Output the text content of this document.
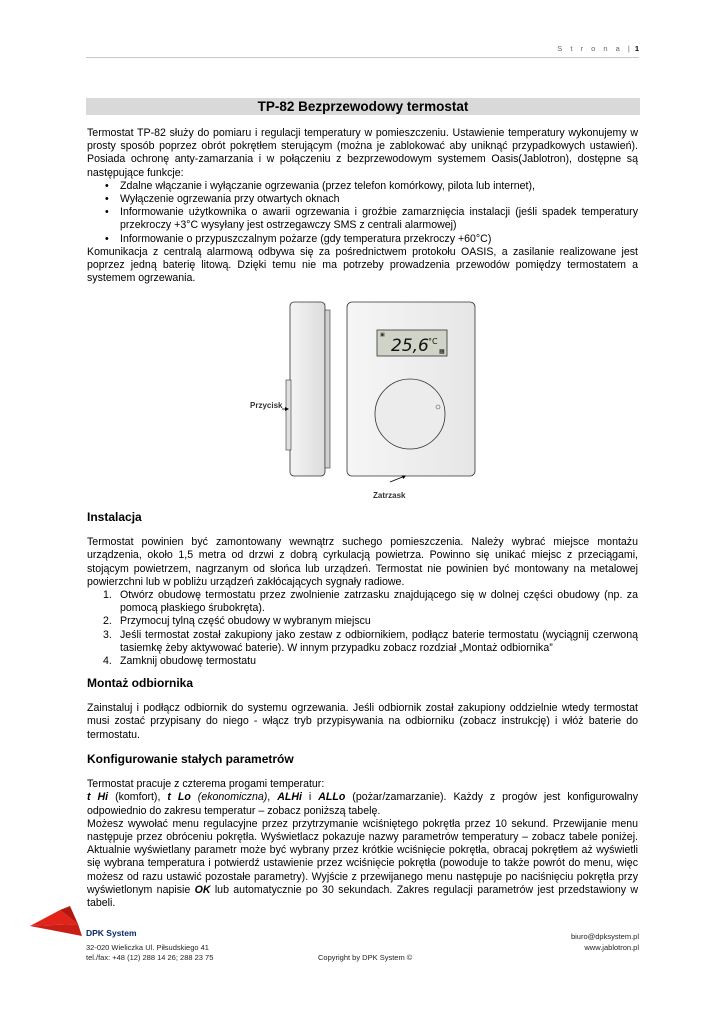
S t r o n a | 1
TP-82 Bezprzewodowy termostat
Termostat TP-82 służy do pomiaru i regulacji temperatury w pomieszczeniu. Ustawienie temperatury wykonujemy w prosty sposób poprzez obrót pokrętłem sterującym (można je zablokować aby uniknąć przypadkowych ustawień). Posiada ochronę anty-zamarzania i w połączeniu z bezprzewodowym systemem Oasis(Jablotron), dostępne są następujące funkcje:
• Zdalne włączanie i wyłączanie ogrzewania (przez telefon komórkowy, pilota lub internet),
• Wyłączenie ogrzewania przy otwartych oknach
• Informowanie użytkownika o awarii ogrzewania i groźbie zamarznięcia instalacji (jeśli spadek temperatury przekroczy +3°C wysyłany jest ostrzegawczy SMS z centrali alarmowej)
• Informowanie o przypuszczalnym pożarze (gdy temperatura przekroczy +60°C)
Komunikacja z centralą alarmową odbywa się za pośrednictwem protokołu OASIS, a zasilanie realizowane jest poprzez jedną baterię litową. Dzięki temu nie ma potrzeby prowadzenia przewodów pomiędzy termostatem a systemem ogrzewania.
▣
25,6 °C
▦
Przycisk
Zatrzask
Instalacja
Termostat powinien być zamontowany wewnątrz suchego pomieszczenia. Należy wybrać miejsce montażu urządzenia, około 1,5 metra od drzwi z dobrą cyrkulacją powietrza. Powinno się unikać miejsc z przeciągami, stojącym powietrzem, nagrzanym od słońca lub urządzeń. Termostat nie powinien być montowany na metalowej powierzchni lub w pobliżu urządzeń zakłócających sygnały radiowe.
1. Otwórz obudowę termostatu przez zwolnienie zatrzasku znajdującego się w dolnej części obudowy (np. za pomocą płaskiego śrubokręta).
2. Przymocuj tylną część obudowy w wybranym miejscu
3. Jeśli termostat został zakupiony jako zestaw z odbiornikiem, podłącz baterie termostatu (wyciągnij czerwoną tasiemkę żeby aktywować baterie). W innym przypadku zobacz rozdział „Montaż odbiornika”
4. Zamknij obudowę termostatu
Montaż odbiornika
Zainstaluj i podłącz odbiornik do systemu ogrzewania. Jeśli odbiornik został zakupiony oddzielnie wtedy termostat musi zostać przypisany do niego - włącz tryb przypisywania na odbiorniku (zobacz instrukcję) i włóż baterie do termostatu.
Konfigurowanie stałych parametrów
Termostat pracuje z czterema progami temperatur:
t Hi (komfort), t Lo (ekonomiczna), ALHi i ALLo (pożar/zamarzanie). Każdy z progów jest konfigurowalny odpowiednio do zakresu temperatur – zobacz poniższą tabelę.
Możesz wywołać menu regulacyjne przez przytrzymanie wciśniętego pokrętła przez 10 sekund. Przewijanie menu następuje przez obróceniu pokrętła. Wyświetlacz pokazuje nazwy parametrów temperatury – zobacz tabele poniżej. Aktualnie wyświetlany parametr może być wybrany przez krótkie wciśnięcie pokrętła, obracaj pokrętłem aż wyświetli się wybrana temperatura i potwierdź ustawienie przez wciśnięcie pokrętła (powoduje to także powrót do menu, więc możesz od razu ustawić pozostałe parametry). Wyjście z przewijanego menu następuje po naciśnięciu pokrętła przy wyświetlonym napisie OK lub automatycznie po 30 sekundach. Zakres regulacji parametrów jest przedstawiony w tabeli.
DPK System
32-020 Wieliczka Ul. Piłsudskiego 41
tel./fax: +48 (12) 288 14 26; 288 23 75	Copyright by DPK System ©
biuro@dpksystem.pl
www.jablotron.pl
